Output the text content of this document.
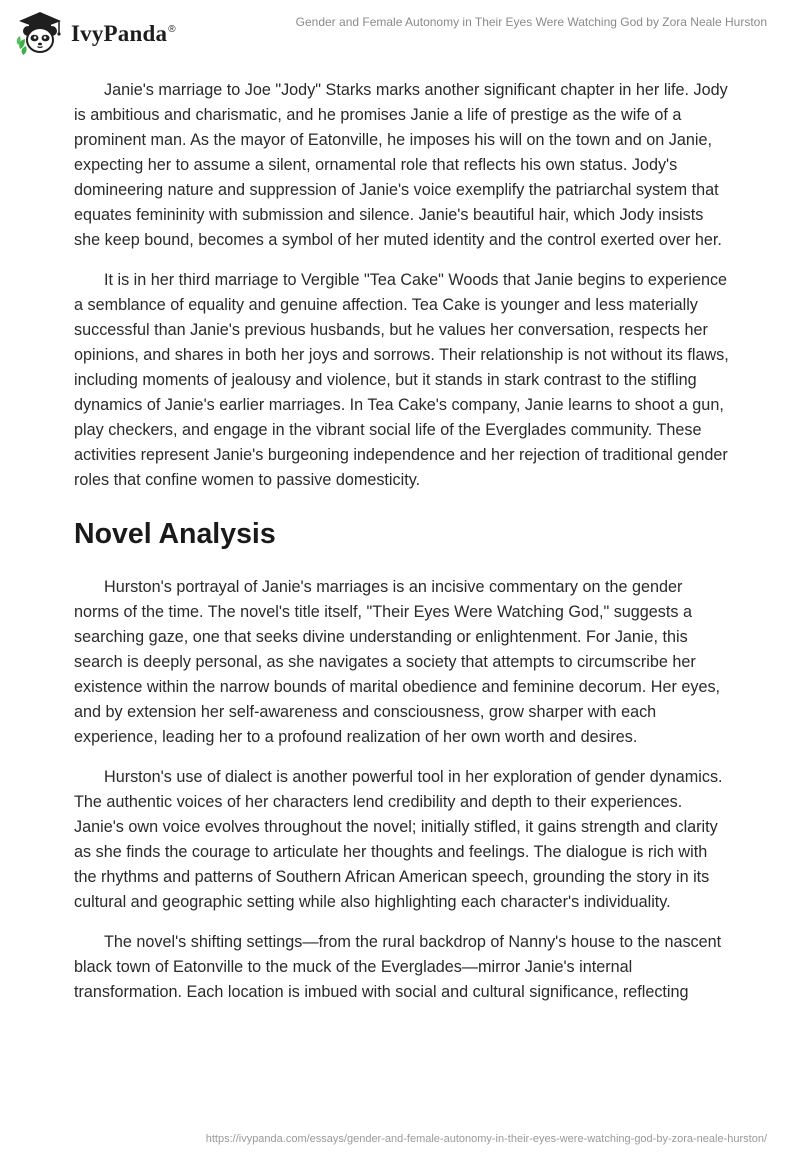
IvyPanda®
Gender and Female Autonomy in Their Eyes Were Watching God by Zora Neale Hurston

Janie's marriage to Joe "Jody" Starks marks another significant chapter in her life. Jody is ambitious and charismatic, and he promises Janie a life of prestige as the wife of a prominent man. As the mayor of Eatonville, he imposes his will on the town and on Janie, expecting her to assume a silent, ornamental role that reflects his own status. Jody's domineering nature and suppression of Janie's voice exemplify the patriarchal system that equates femininity with submission and silence. Janie's beautiful hair, which Jody insists she keep bound, becomes a symbol of her muted identity and the control exerted over her.

It is in her third marriage to Vergible "Tea Cake" Woods that Janie begins to experience a semblance of equality and genuine affection. Tea Cake is younger and less materially successful than Janie's previous husbands, but he values her conversation, respects her opinions, and shares in both her joys and sorrows. Their relationship is not without its flaws, including moments of jealousy and violence, but it stands in stark contrast to the stifling dynamics of Janie's earlier marriages. In Tea Cake's company, Janie learns to shoot a gun, play checkers, and engage in the vibrant social life of the Everglades community. These activities represent Janie's burgeoning independence and her rejection of traditional gender roles that confine women to passive domesticity.

Novel Analysis

Hurston's portrayal of Janie's marriages is an incisive commentary on the gender norms of the time. The novel's title itself, "Their Eyes Were Watching God," suggests a searching gaze, one that seeks divine understanding or enlightenment. For Janie, this search is deeply personal, as she navigates a society that attempts to circumscribe her existence within the narrow bounds of marital obedience and feminine decorum. Her eyes, and by extension her self-awareness and consciousness, grow sharper with each experience, leading her to a profound realization of her own worth and desires.

Hurston's use of dialect is another powerful tool in her exploration of gender dynamics. The authentic voices of her characters lend credibility and depth to their experiences. Janie's own voice evolves throughout the novel; initially stifled, it gains strength and clarity as she finds the courage to articulate her thoughts and feelings. The dialogue is rich with the rhythms and patterns of Southern African American speech, grounding the story in its cultural and geographic setting while also highlighting each character's individuality.

The novel's shifting settings—from the rural backdrop of Nanny's house to the nascent black town of Eatonville to the muck of the Everglades—mirror Janie's internal transformation. Each location is imbued with social and cultural significance, reflecting

https://ivypanda.com/essays/gender-and-female-autonomy-in-their-eyes-were-watching-god-by-zora-neale-hurston/
